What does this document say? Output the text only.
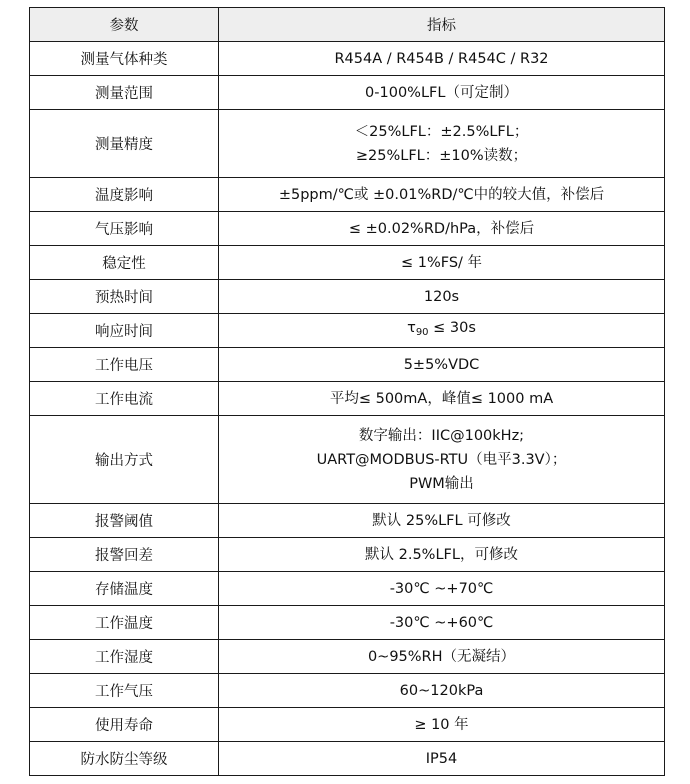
参数	指标
测量气体种类	R454A / R454B / R454C / R32

测量范围	0-100%LFL（可定制）

测量精度	＜25%LFL：±2.5%LFL；
≥25%LFL：±10%读数；

温度影响	±5ppm/℃或 ±0.01%RD/℃中的较大值，补偿后

气压影响	≤ ±0.02%RD/hPa，补偿后

稳定性	≤ 1%FS/ 年

预热时间	120s

响应时间	$\tau_{90} \le 30s$

工作电压	5±5%VDC

工作电流	平均≤ 500mA，峰值≤ 1000 mA

输出方式	数字输出：IIC@100kHz;
UART@MODBUS-RTU（电平3.3V）；
PWM输出

报警阈值	默认 25%LFL 可修改

报警回差	默认 2.5%LFL，可修改

存储温度	-30℃ ~+70℃

工作温度	-30℃ ~+60℃

工作湿度	0~95%RH（无凝结）

工作气压	60~120kPa

使用寿命	≥ 10 年

防水防尘等级	IP54
